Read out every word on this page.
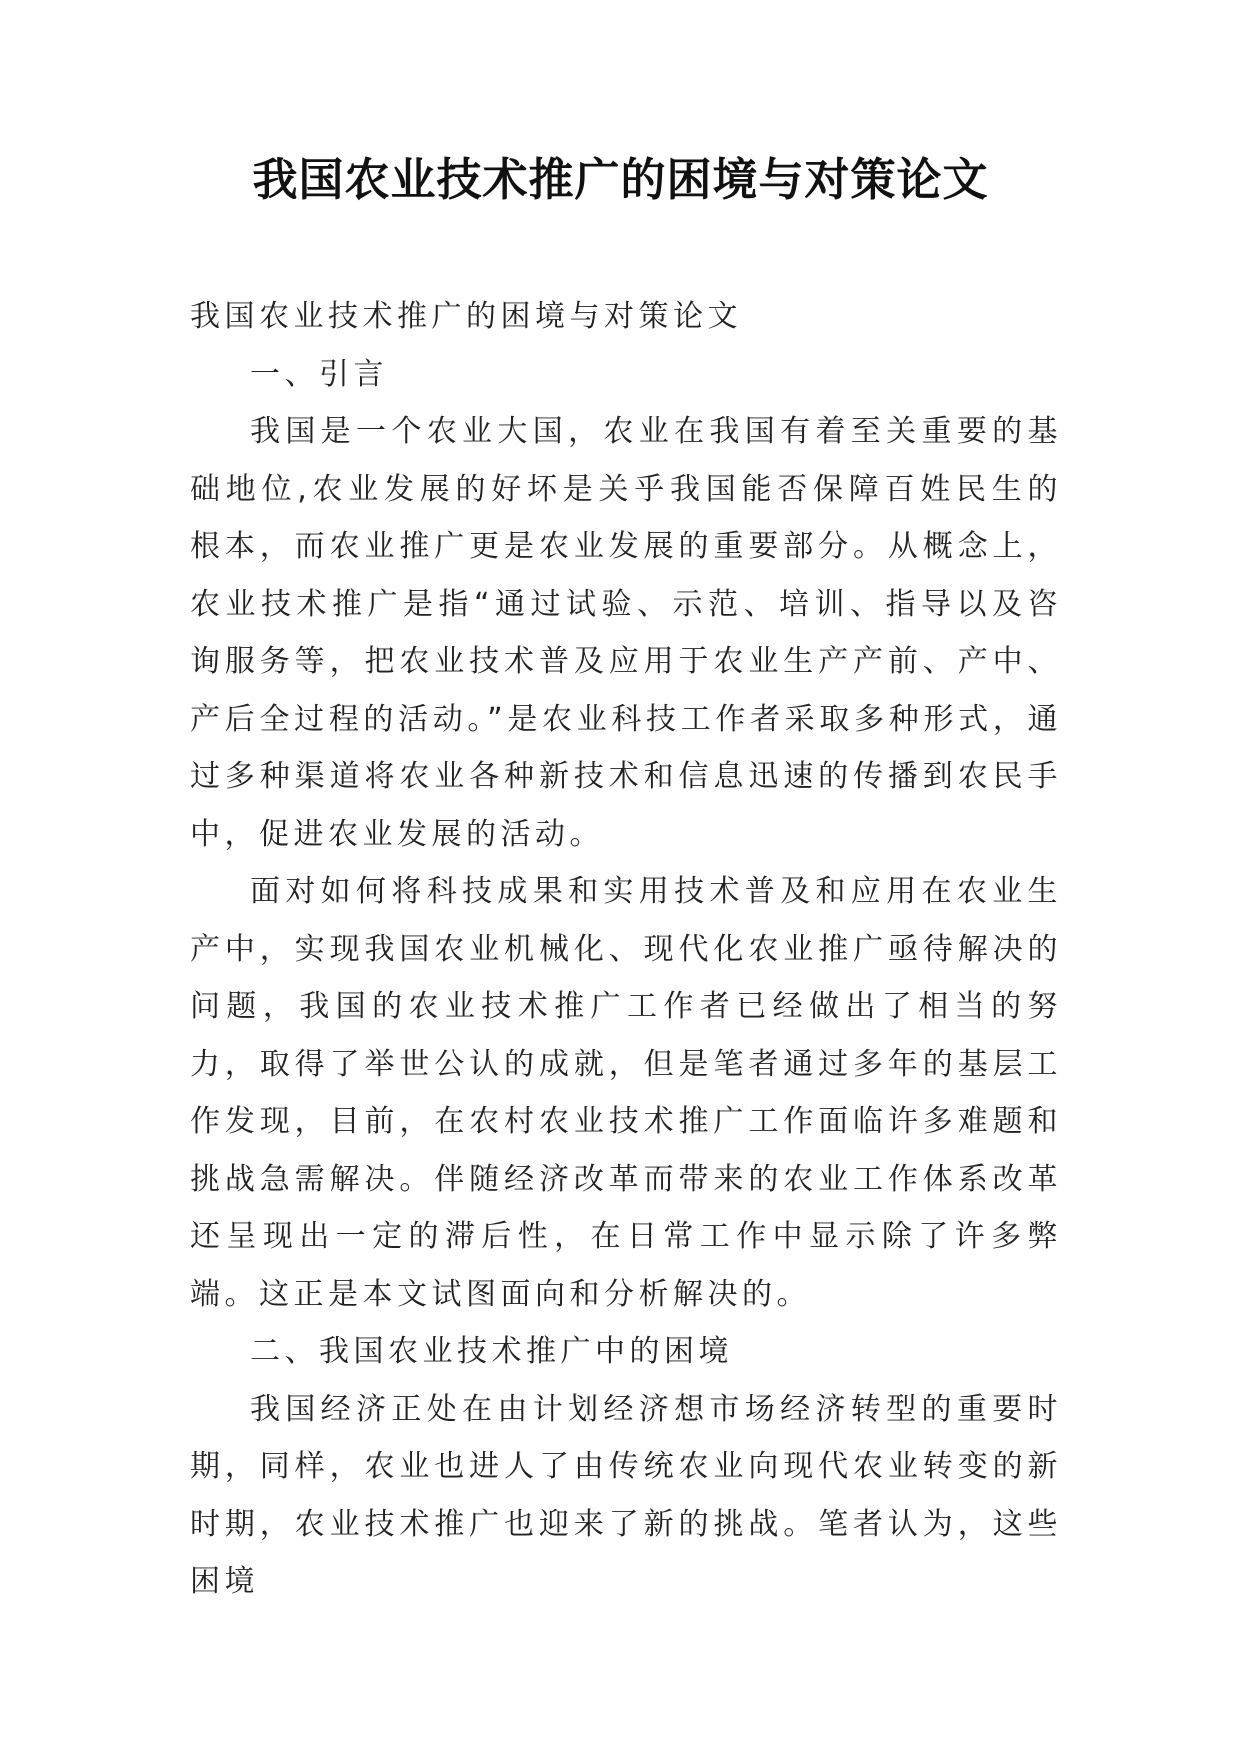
我国农业技术推广的困境与对策论文

我国农业技术推广的困境与对策论文

一、引言

我国是一个农业大国，农业在我国有着至关重要的基础地位,农业发展的好坏是关乎我国能否保障百姓民生的根本，而农业推广更是农业发展的重要部分。从概念上，农业技术推广是指“通过试验、示范、培训、指导以及咨询服务等，把农业技术普及应用于农业生产产前、产中、产后全过程的活动。”是农业科技工作者采取多种形式，通过多种渠道将农业各种新技术和信息迅速的传播到农民手中，促进农业发展的活动。

面对如何将科技成果和实用技术普及和应用在农业生产中，实现我国农业机械化、现代化农业推广亟待解决的问题，我国的农业技术推广工作者已经做出了相当的努力，取得了举世公认的成就，但是笔者通过多年的基层工作发现，目前，在农村农业技术推广工作面临许多难题和挑战急需解决。伴随经济改革而带来的农业工作体系改革还呈现出一定的滞后性，在日常工作中显示除了许多弊端。这正是本文试图面向和分析解决的。

二、我国农业技术推广中的困境

我国经济正处在由计划经济想市场经济转型的重要时期，同样，农业也进人了由传统农业向现代农业转变的新时期，农业技术推广也迎来了新的挑战。笔者认为，这些困境
